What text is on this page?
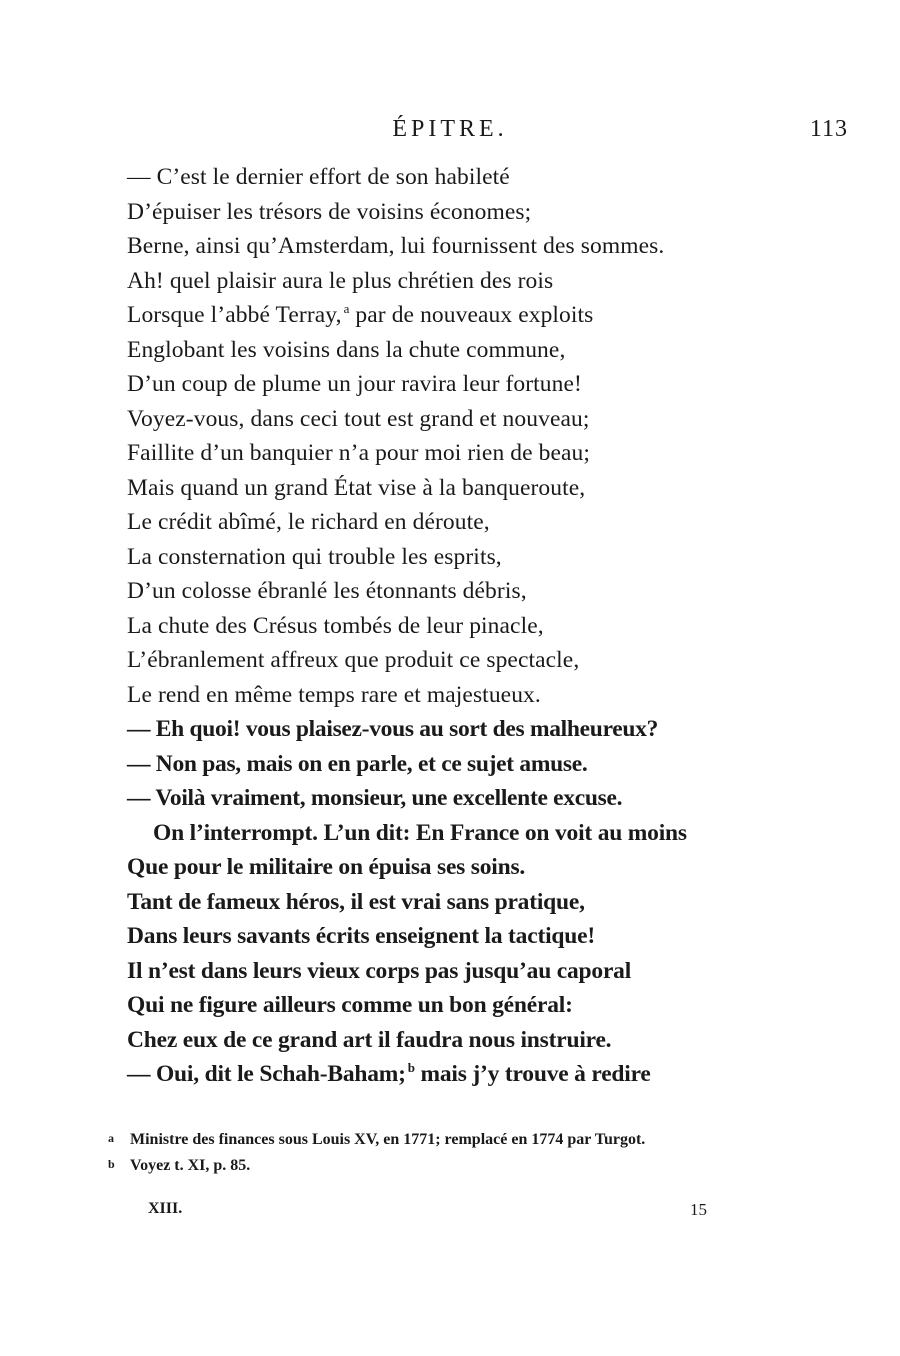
ÉPITRE.	113
— C’est le dernier effort de son habileté
D’épuiser les trésors de voisins économes;
Berne, ainsi qu’Amsterdam, lui fournissent des sommes.
Ah! quel plaisir aura le plus chrétien des rois
Lorsque l’abbé Terray, $^a$ par de nouveaux exploits
Englobant les voisins dans la chute commune,
D’un coup de plume un jour ravira leur fortune!
Voyez-vous, dans ceci tout est grand et nouveau;
Faillite d’un banquier n’a pour moi rien de beau;
Mais quand un grand État vise à la banqueroute,
Le crédit abîmé, le richard en déroute,
La consternation qui trouble les esprits,
D’un colosse ébranlé les étonnants débris,
La chute des Crésus tombés de leur pinacle,
L’ébranlement affreux que produit ce spectacle,
Le rend en même temps rare et majestueux.
— Eh quoi! vous plaisez-vous au sort des malheureux?
— Non pas, mais on en parle, et ce sujet amuse.
— Voilà vraiment, monsieur, une excellente excuse.
On l’interrompt. L’un dit: En France on voit au moins
Que pour le militaire on épuisa ses soins.
Tant de fameux héros, il est vrai sans pratique,
Dans leurs savants écrits enseignent la tactique!
Il n’est dans leurs vieux corps pas jusqu’au caporal
Qui ne figure ailleurs comme un bon général:
Chez eux de ce grand art il faudra nous instruire.
— Oui, dit le Schah-Baham; $^b$ mais j’y trouve à redire
a Ministre des finances sous Louis XV, en 1771; remplacé en 1774 par Turgot.
b Voyez t. XI, p. 85.
XIII.	15
